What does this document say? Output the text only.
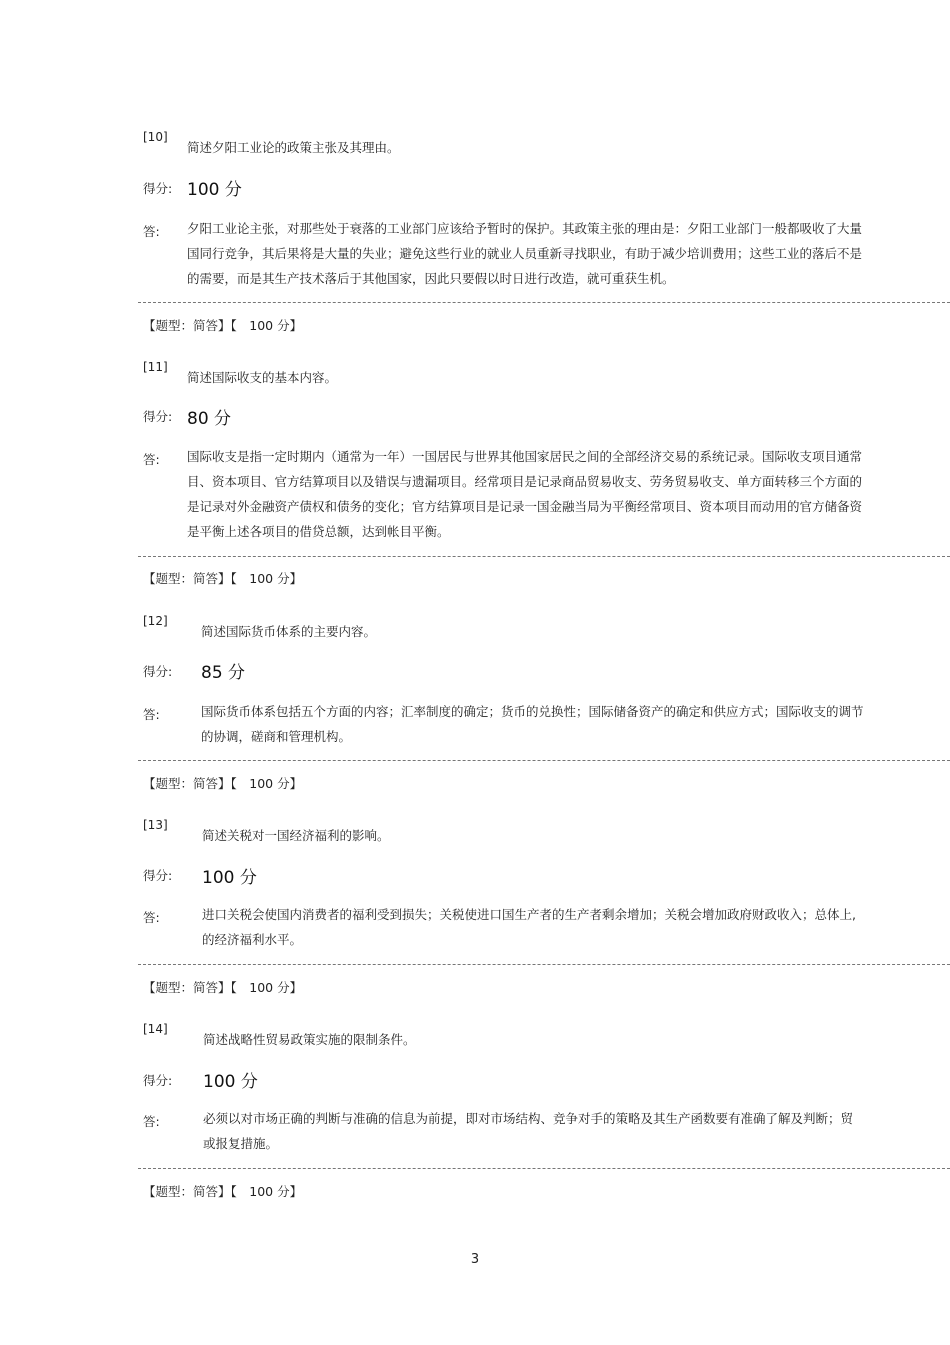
[10]
简述夕阳工业论的政策主张及其理由。
得分: 100 分
答: 夕阳工业论主张，对那些处于衰落的工业部门应该给予暂时的保护。其政策主张的理由是：夕阳工业部门一般都吸收了大量
国同行竞争，其后果将是大量的失业；避免这些行业的就业人员重新寻找职业，有助于减少培训费用；这些工业的落后不是
的需要，而是其生产技术落后于其他国家，因此只要假以时日进行改造，就可重获生机。
【题型：简答】【　100 分】
[11]
简述国际收支的基本内容。
得分: 80 分
答: 国际收支是指一定时期内（通常为一年）一国居民与世界其他国家居民之间的全部经济交易的系统记录。国际收支项目通常
目、资本项目、官方结算项目以及错误与遗漏项目。经常项目是记录商品贸易收支、劳务贸易收支、单方面转移三个方面的
是记录对外金融资产债权和债务的变化；官方结算项目是记录一国金融当局为平衡经常项目、资本项目而动用的官方储备资
是平衡上述各项目的借贷总额，达到帐目平衡。
【题型：简答】【　100 分】
[12]
简述国际货币体系的主要内容。
得分: 85 分
答:	国际货币体系包括五个方面的内容；汇率制度的确定；货币的兑换性；国际储备资产的确定和供应方式；国际收支的调节
的协调，磋商和管理机构。
【题型：简答】【　100 分】
[13]
简述关税对一国经济福利的影响。
得分: 100 分
答:	进口关税会使国内消费者的福利受到损失；关税使进口国生产者的生产者剩余增加；关税会增加政府财政收入；总体上,
的经济福利水平。
【题型：简答】【　100 分】
[14]
简述战略性贸易政策实施的限制条件。
得分: 100 分
答:	必须以对市场正确的判断与准确的信息为前提，即对市场结构、竞争对手的策略及其生产函数要有准确了解及判断；贸
或报复措施。
【题型：简答】【　100 分】
3
